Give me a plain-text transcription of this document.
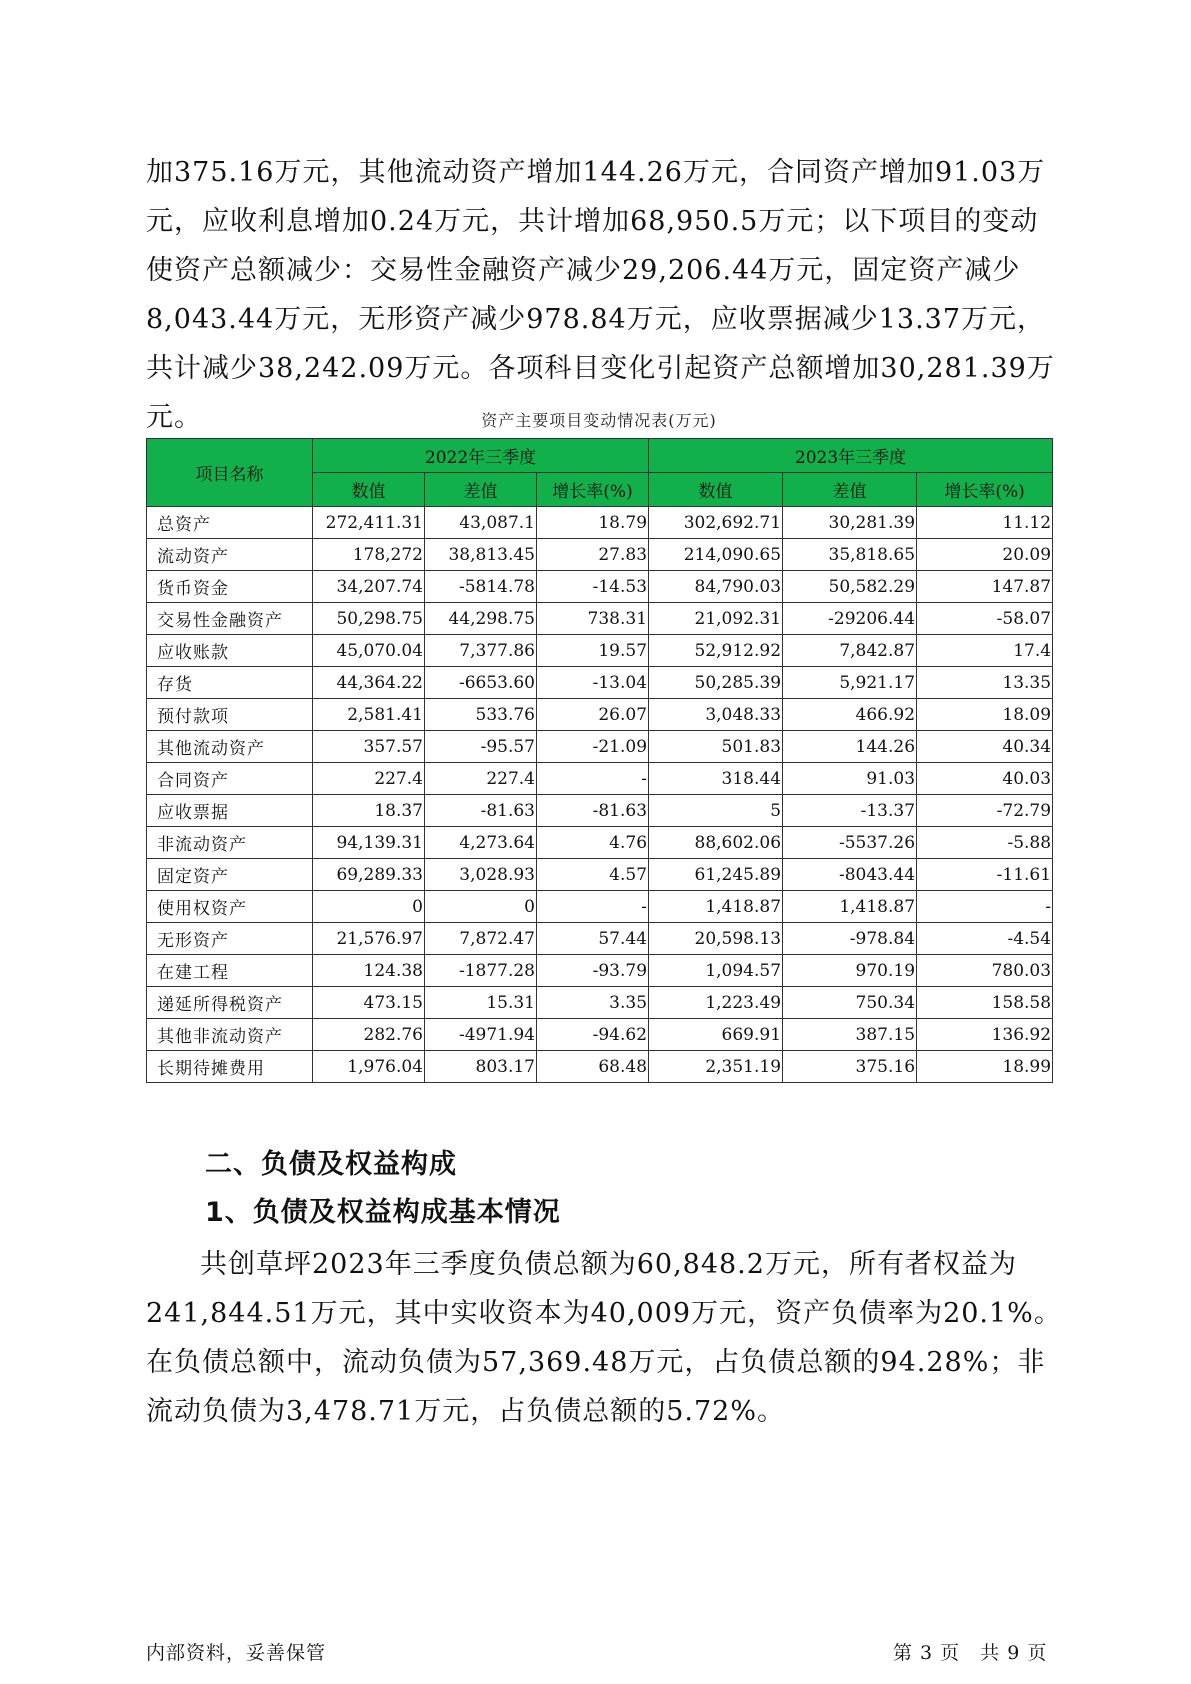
加375.16万元，其他流动资产增加144.26万元，合同资产增加91.03万元，应收利息增加0.24万元，共计增加68,950.5万元；以下项目的变动使资产总额减少：交易性金融资产减少29,206.44万元，固定资产减少8,043.44万元，无形资产减少978.84万元，应收票据减少13.37万元，共计减少38,242.09万元。各项科目变化引起资产总额增加30,281.39万元。	资产主要项目变动情况表(万元)
项目名称	2022年三季度			2023年三季度		
	数值	差值	增长率(%)	数值	差值	增长率(%)
总资产	272,411.31	43,087.1	18.79	302,692.71	30,281.39	11.12
流动资产	178,272	38,813.45	27.83	214,090.65	35,818.65	20.09
货币资金	34,207.74	-5814.78	-14.53	84,790.03	50,582.29	147.87
交易性金融资产	50,298.75	44,298.75	738.31	21,092.31	-29206.44	-58.07
应收账款	45,070.04	7,377.86	19.57	52,912.92	7,842.87	17.4
存货	44,364.22	-6653.60	-13.04	50,285.39	5,921.17	13.35
预付款项	2,581.41	533.76	26.07	3,048.33	466.92	18.09
其他流动资产	357.57	-95.57	-21.09	501.83	144.26	40.34
合同资产	227.4	227.4	-	318.44	91.03	40.03
应收票据	18.37	-81.63	-81.63	5	-13.37	-72.79
非流动资产	94,139.31	4,273.64	4.76	88,602.06	-5537.26	-5.88
固定资产	69,289.33	3,028.93	4.57	61,245.89	-8043.44	-11.61
使用权资产	0	0	-	1,418.87	1,418.87	-
无形资产	21,576.97	7,872.47	57.44	20,598.13	-978.84	-4.54
在建工程	124.38	-1877.28	-93.79	1,094.57	970.19	780.03
递延所得税资产	473.15	15.31	3.35	1,223.49	750.34	158.58
其他非流动资产	282.76	-4971.94	-94.62	669.91	387.15	136.92
长期待摊费用	1,976.04	803.17	68.48	2,351.19	375.16	18.99
二、负债及权益构成
1、负债及权益构成基本情况

共创草坪2023年三季度负债总额为60,848.2万元，所有者权益为241,844.51万元，其中实收资本为40,009万元，资产负债率为20.1%。在负债总额中，流动负债为57,369.48万元，占负债总额的94.28%；非流动负债为3,478.71万元，占负债总额的5.72%。

内部资料，妥善保管	第 3 页　共 9 页
